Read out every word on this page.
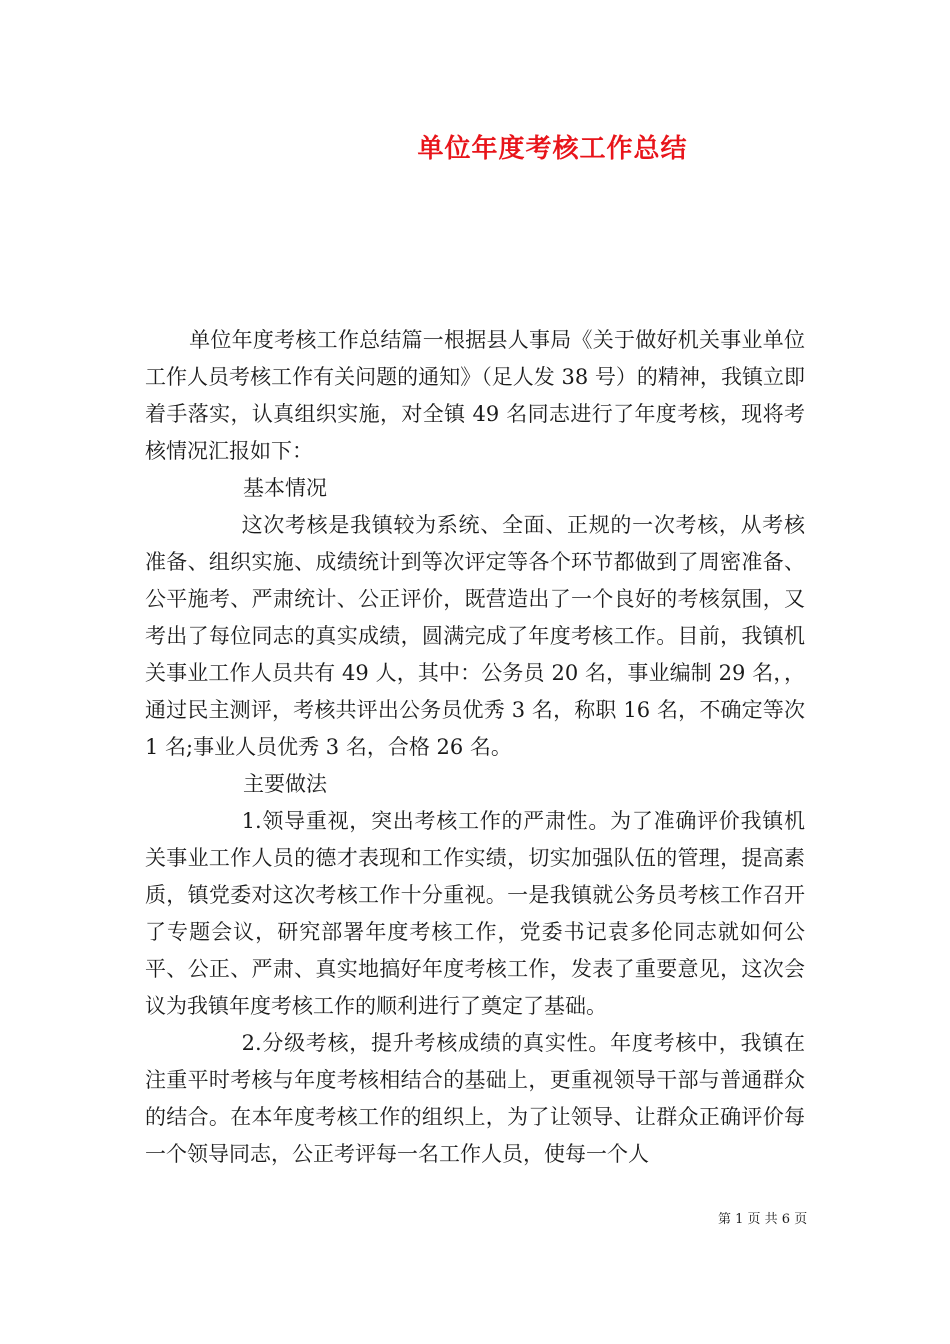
单位年度考核工作总结

单位年度考核工作总结篇一根据县人事局《关于做好机关事业单位工作人员考核工作有关问题的通知》（足人发 38 号）的精神，我镇立即着手落实，认真组织实施，对全镇 49 名同志进行了年度考核，现将考核情况汇报如下：

基本情况

这次考核是我镇较为系统、全面、正规的一次考核，从考核准备、组织实施、成绩统计到等次评定等各个环节都做到了周密准备、公平施考、严肃统计、公正评价，既营造出了一个良好的考核氛围，又考出了每位同志的真实成绩，圆满完成了年度考核工作。目前，我镇机关事业工作人员共有 49 人，其中：公务员 20 名，事业编制 29 名，，通过民主测评，考核共评出公务员优秀 3 名，称职 16 名，不确定等次 1 名;事业人员优秀 3 名，合格 26 名。

主要做法

1.领导重视，突出考核工作的严肃性。为了准确评价我镇机关事业工作人员的德才表现和工作实绩，切实加强队伍的管理，提高素质，镇党委对这次考核工作十分重视。一是我镇就公务员考核工作召开了专题会议，研究部署年度考核工作，党委书记袁多伦同志就如何公平、公正、严肃、真实地搞好年度考核工作，发表了重要意见，这次会议为我镇年度考核工作的顺利进行了奠定了基础。

2.分级考核，提升考核成绩的真实性。年度考核中，我镇在注重平时考核与年度考核相结合的基础上，更重视领导干部与普通群众的结合。在本年度考核工作的组织上，为了让领导、让群众正确评价每一个领导同志，公正考评每一名工作人员，使每一个人

第 1 页 共 6 页
